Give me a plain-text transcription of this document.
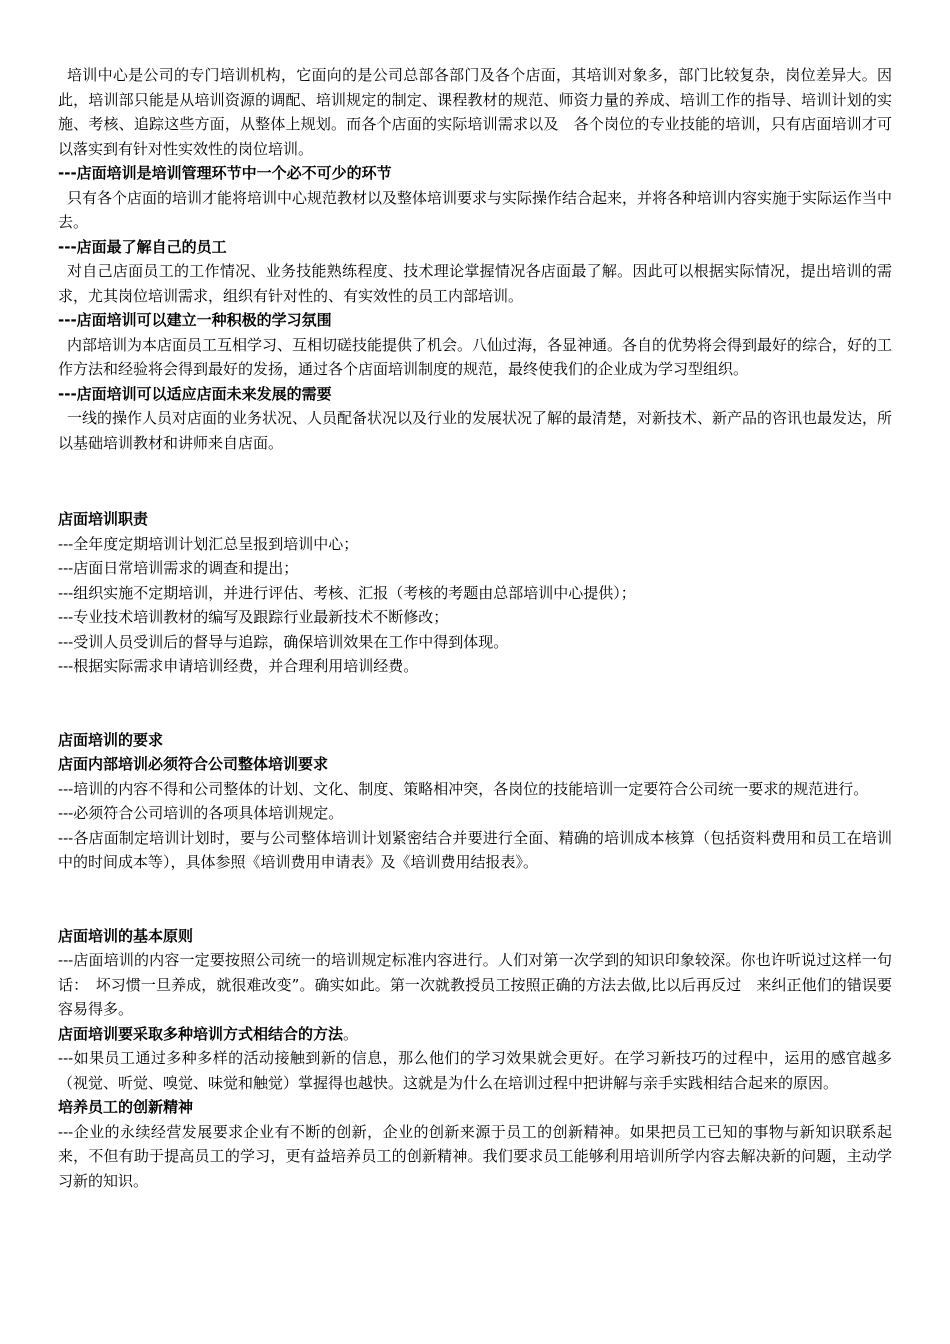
培训中心是公司的专门培训机构，它面向的是公司总部各部门及各个店面，其培训对象多，部门比较复杂，岗位差异大。因此，培训部只能是从培训资源的调配、培训规定的制定、课程教材的规范、师资力量的养成、培训工作的指导、培训计划的实施、考核、追踪这些方面，从整体上规划。而各个店面的实际培训需求以及　各个岗位的专业技能的培训，只有店面培训才可以落实到有针对性实效性的岗位培训。

---店面培训是培训管理环节中一个必不可少的环节

只有各个店面的培训才能将培训中心规范教材以及整体培训要求与实际操作结合起来，并将各种培训内容实施于实际运作当中去。

---店面最了解自己的员工

对自己店面员工的工作情况、业务技能熟练程度、技术理论掌握情况各店面最了解。因此可以根据实际情况，提出培训的需求，尤其岗位培训需求，组织有针对性的、有实效性的员工内部培训。

---店面培训可以建立一种积极的学习氛围

内部培训为本店面员工互相学习、互相切磋技能提供了机会。八仙过海，各显神通。各自的优势将会得到最好的综合，好的工作方法和经验将会得到最好的发扬，通过各个店面培训制度的规范，最终使我们的企业成为学习型组织。

---店面培训可以适应店面未来发展的需要

一线的操作人员对店面的业务状况、人员配备状况以及行业的发展状况了解的最清楚，对新技术、新产品的咨讯也最发达，所以基础培训教材和讲师来自店面。

店面培训职责

---全年度定期培训计划汇总呈报到培训中心；

---店面日常培训需求的调查和提出；

---组织实施不定期培训，并进行评估、考核、汇报（考核的考题由总部培训中心提供）；

---专业技术培训教材的编写及跟踪行业最新技术不断修改；

---受训人员受训后的督导与追踪，确保培训效果在工作中得到体现。

---根据实际需求申请培训经费，并合理利用培训经费。

店面培训的要求

店面内部培训必须符合公司整体培训要求

---培训的内容不得和公司整体的计划、文化、制度、策略相冲突，各岗位的技能培训一定要符合公司统一要求的规范进行。

---必须符合公司培训的各项具体培训规定。

---各店面制定培训计划时，要与公司整体培训计划紧密结合并要进行全面、精确的培训成本核算（包括资料费用和员工在培训中的时间成本等），具体参照《培训费用申请表》及《培训费用结报表》。

店面培训的基本原则

---店面培训的内容一定要按照公司统一的培训规定标准内容进行。人们对第一次学到的知识印象较深。你也许听说过这样一句话：　坏习惯一旦养成，就很难改变”。确实如此。第一次就教授员工按照正确的方法去做,比以后再反过　来纠正他们的错误要容易得多。

店面培训要采取多种培训方式相结合的方法。

---如果员工通过多种多样的活动接触到新的信息，那么他们的学习效果就会更好。在学习新技巧的过程中，运用的感官越多　（视觉、听觉、嗅觉、味觉和触觉）掌握得也越快。这就是为什么在培训过程中把讲解与亲手实践相结合起来的原因。

培养员工的创新精神

---企业的永续经营发展要求企业有不断的创新，企业的创新来源于员工的创新精神。如果把员工已知的事物与新知识联系起来，不但有助于提高员工的学习，更有益培养员工的创新精神。我们要求员工能够利用培训所学内容去解决新的问题，主动学习新的知识。
